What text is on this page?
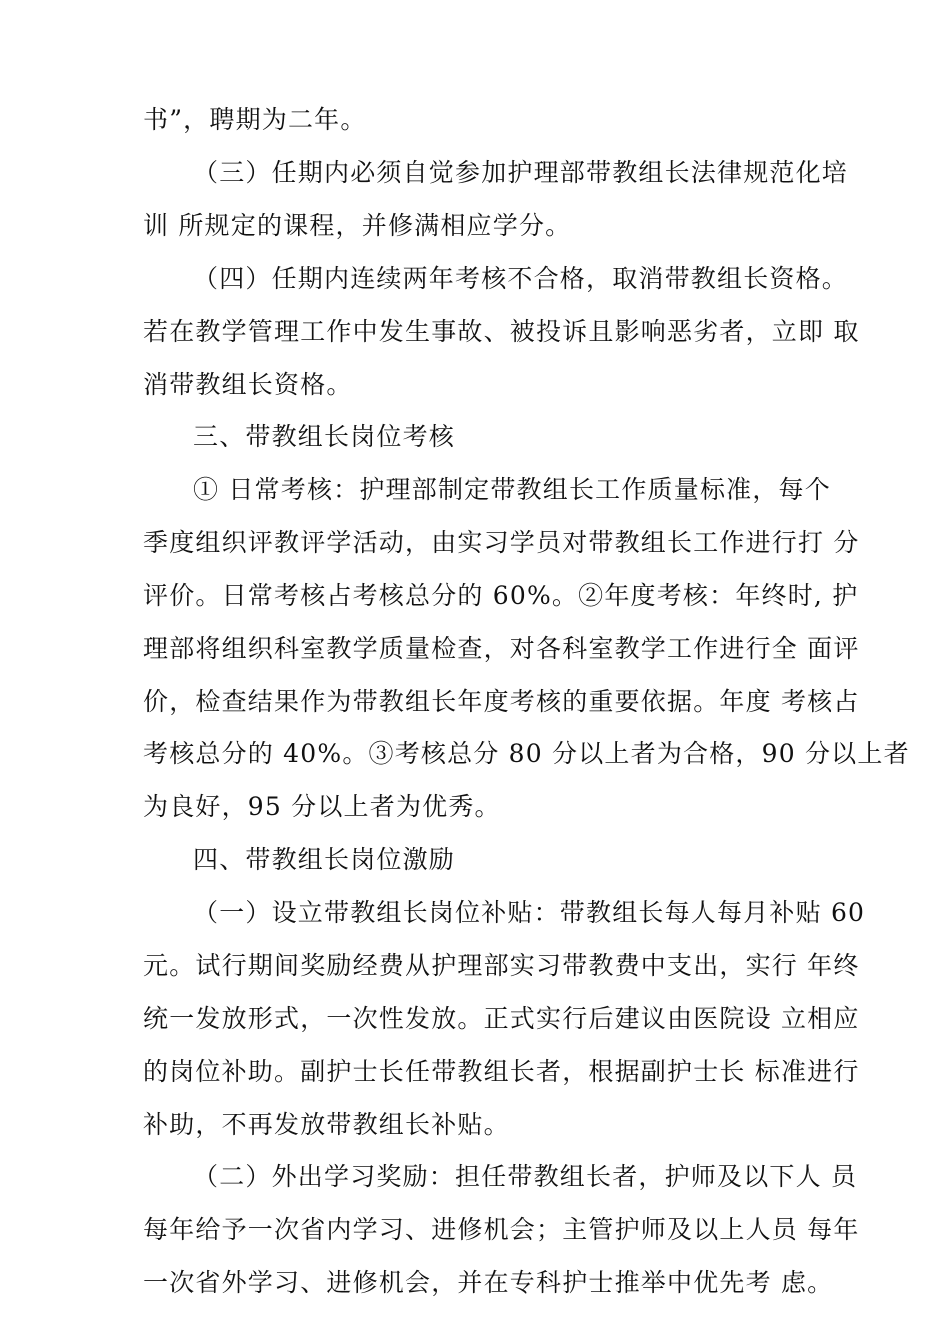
书”，聘期为二年。
（三）任期内必须自觉参加护理部带教组长法律规范化培
训 所规定的课程，并修满相应学分。
（四）任期内连续两年考核不合格，取消带教组长资格。
若在教学管理工作中发生事故、被投诉且影响恶劣者，立即 取
消带教组长资格。
三、带教组长岗位考核
① 日常考核：护理部制定带教组长工作质量标准，每个
季度组织评教评学活动，由实习学员对带教组长工作进行打 分
评价。日常考核占考核总分的 60%。②年度考核：年终时, 护
理部将组织科室教学质量检查，对各科室教学工作进行全 面评
价，检查结果作为带教组长年度考核的重要依据。年度 考核占
考核总分的 40%。③考核总分 80 分以上者为合格，90 分以上者
为良好，95 分以上者为优秀。
四、带教组长岗位激励
（一）设立带教组长岗位补贴：带教组长每人每月补贴 60
元。试行期间奖励经费从护理部实习带教费中支出，实行 年终
统一发放形式，一次性发放。正式实行后建议由医院设 立相应
的岗位补助。副护士长任带教组长者，根据副护士长 标准进行
补助，不再发放带教组长补贴。
（二）外出学习奖励：担任带教组长者，护师及以下人 员
每年给予一次省内学习、进修机会；主管护师及以上人员 每年
一次省外学习、进修机会，并在专科护士推举中优先考 虑。
